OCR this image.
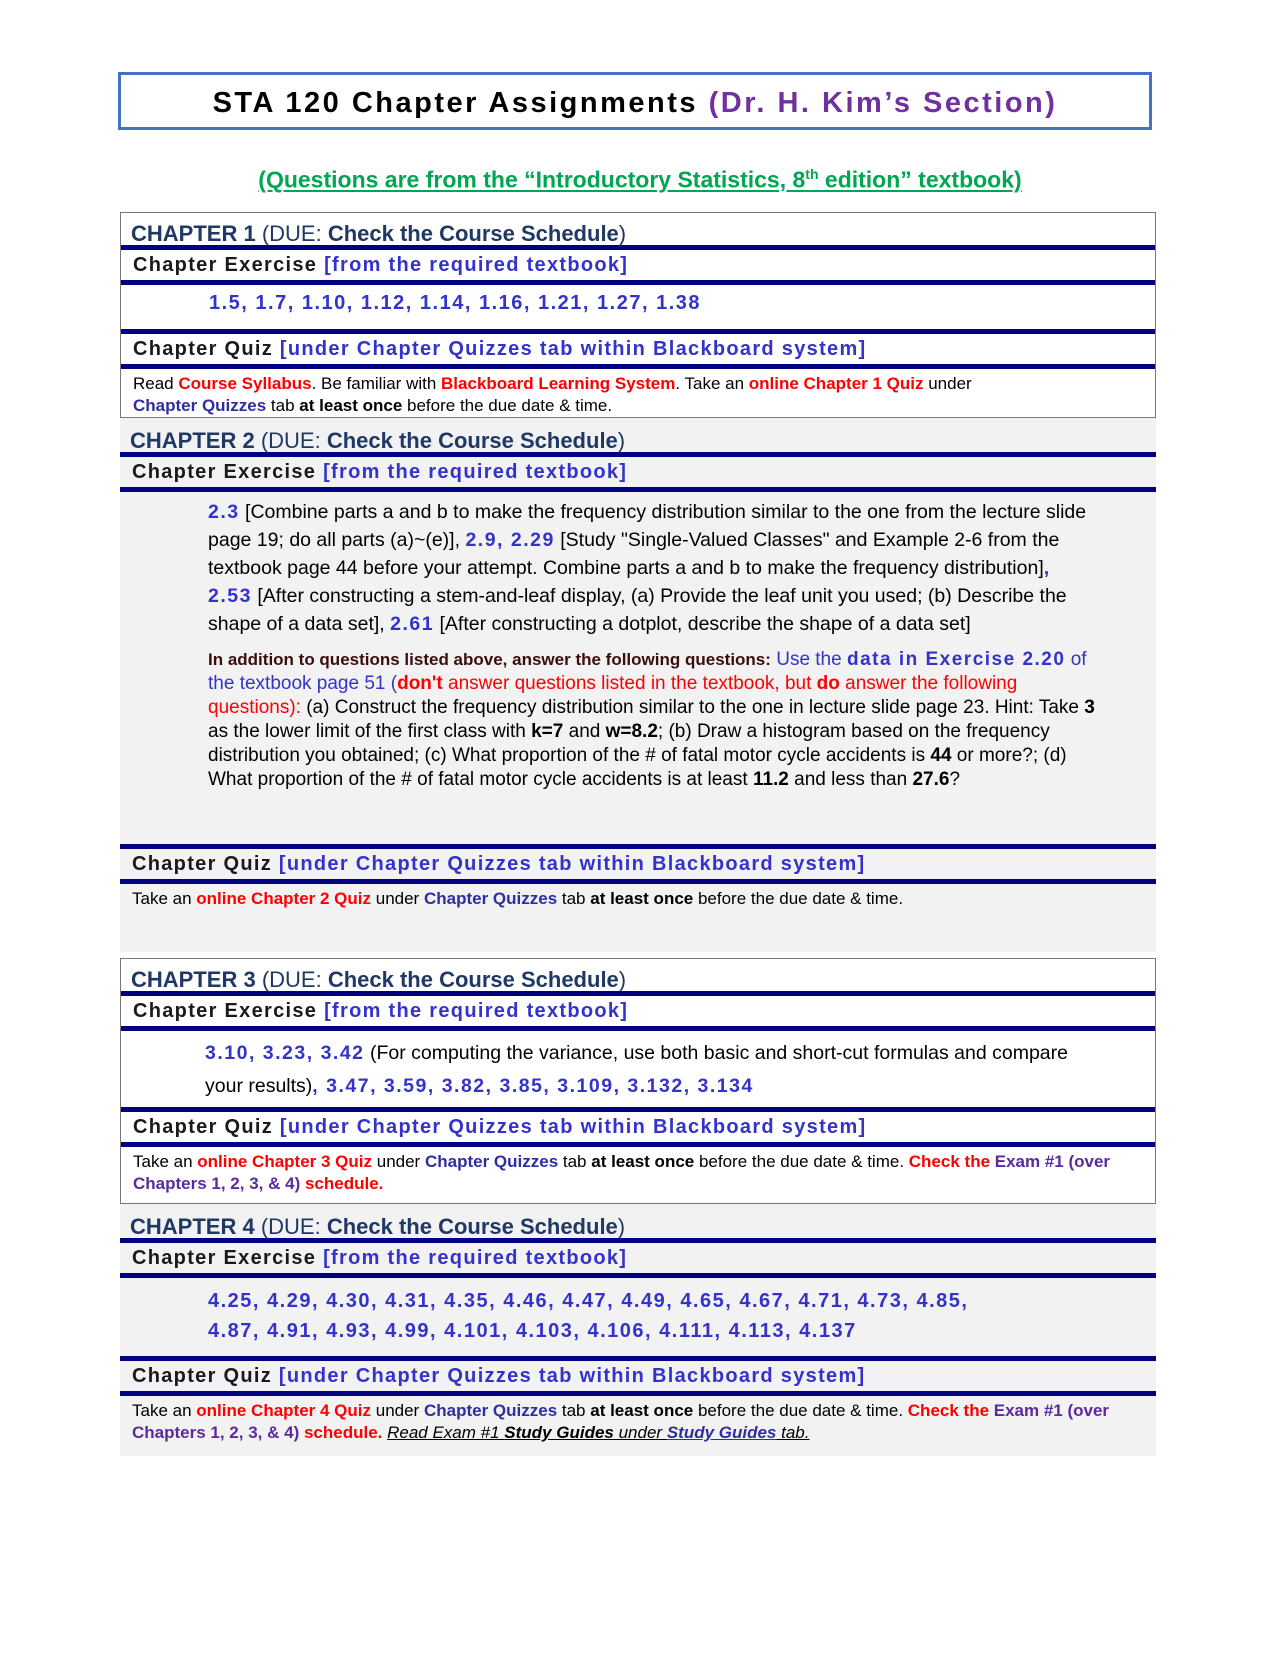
STA 120 Chapter Assignments (Dr. H. Kim’s Section)
(Questions are from the “Introductory Statistics, 8th edition” textbook)
CHAPTER 1 (DUE: Check the Course Schedule)
Chapter Exercise [from the required textbook]
1.5, 1.7, 1.10, 1.12, 1.14, 1.16, 1.21, 1.27, 1.38
Chapter Quiz [under Chapter Quizzes tab within Blackboard system]
Read Course Syllabus. Be familiar with Blackboard Learning System. Take an online Chapter 1 Quiz under
Chapter Quizzes tab at least once before the due date & time.
CHAPTER 2 (DUE: Check the Course Schedule)
Chapter Exercise [from the required textbook]
2.3 [Combine parts a and b to make the frequency distribution similar to the one from the lecture slide page 19; do all parts (a)~(e)], 2.9, 2.29 [Study "Single-Valued Classes" and Example 2-6 from the textbook page 44 before your attempt. Combine parts a and b to make the frequency distribution], 2.53 [After constructing a stem-and-leaf display, (a) Provide the leaf unit you used; (b) Describe the shape of a data set], 2.61 [After constructing a dotplot, describe the shape of a data set]
In addition to questions listed above, answer the following questions: Use the data in Exercise 2.20 of the textbook page 51 (don't answer questions listed in the textbook, but do answer the following questions): (a) Construct the frequency distribution similar to the one in lecture slide page 23. Hint: Take 3 as the lower limit of the first class with k=7 and w=8.2; (b) Draw a histogram based on the frequency distribution you obtained; (c) What proportion of the # of fatal motor cycle accidents is 44 or more?; (d) What proportion of the # of fatal motor cycle accidents is at least 11.2 and less than 27.6?
Chapter Quiz [under Chapter Quizzes tab within Blackboard system]
Take an online Chapter 2 Quiz under Chapter Quizzes tab at least once before the due date & time.
CHAPTER 3 (DUE: Check the Course Schedule)
Chapter Exercise [from the required textbook]
3.10, 3.23, 3.42 (For computing the variance, use both basic and short-cut formulas and compare your results), 3.47, 3.59, 3.82, 3.85, 3.109, 3.132, 3.134
Chapter Quiz [under Chapter Quizzes tab within Blackboard system]
Take an online Chapter 3 Quiz under Chapter Quizzes tab at least once before the due date & time. Check the Exam #1 (over Chapters 1, 2, 3, & 4) schedule.
CHAPTER 4 (DUE: Check the Course Schedule)
Chapter Exercise [from the required textbook]
4.25, 4.29, 4.30, 4.31, 4.35, 4.46, 4.47, 4.49, 4.65, 4.67, 4.71, 4.73, 4.85,
4.87, 4.91, 4.93, 4.99, 4.101, 4.103, 4.106, 4.111, 4.113, 4.137
Chapter Quiz [under Chapter Quizzes tab within Blackboard system]
Take an online Chapter 4 Quiz under Chapter Quizzes tab at least once before the due date & time. Check the Exam #1 (over Chapters 1, 2, 3, & 4) schedule. Read Exam #1 Study Guides under Study Guides tab.
